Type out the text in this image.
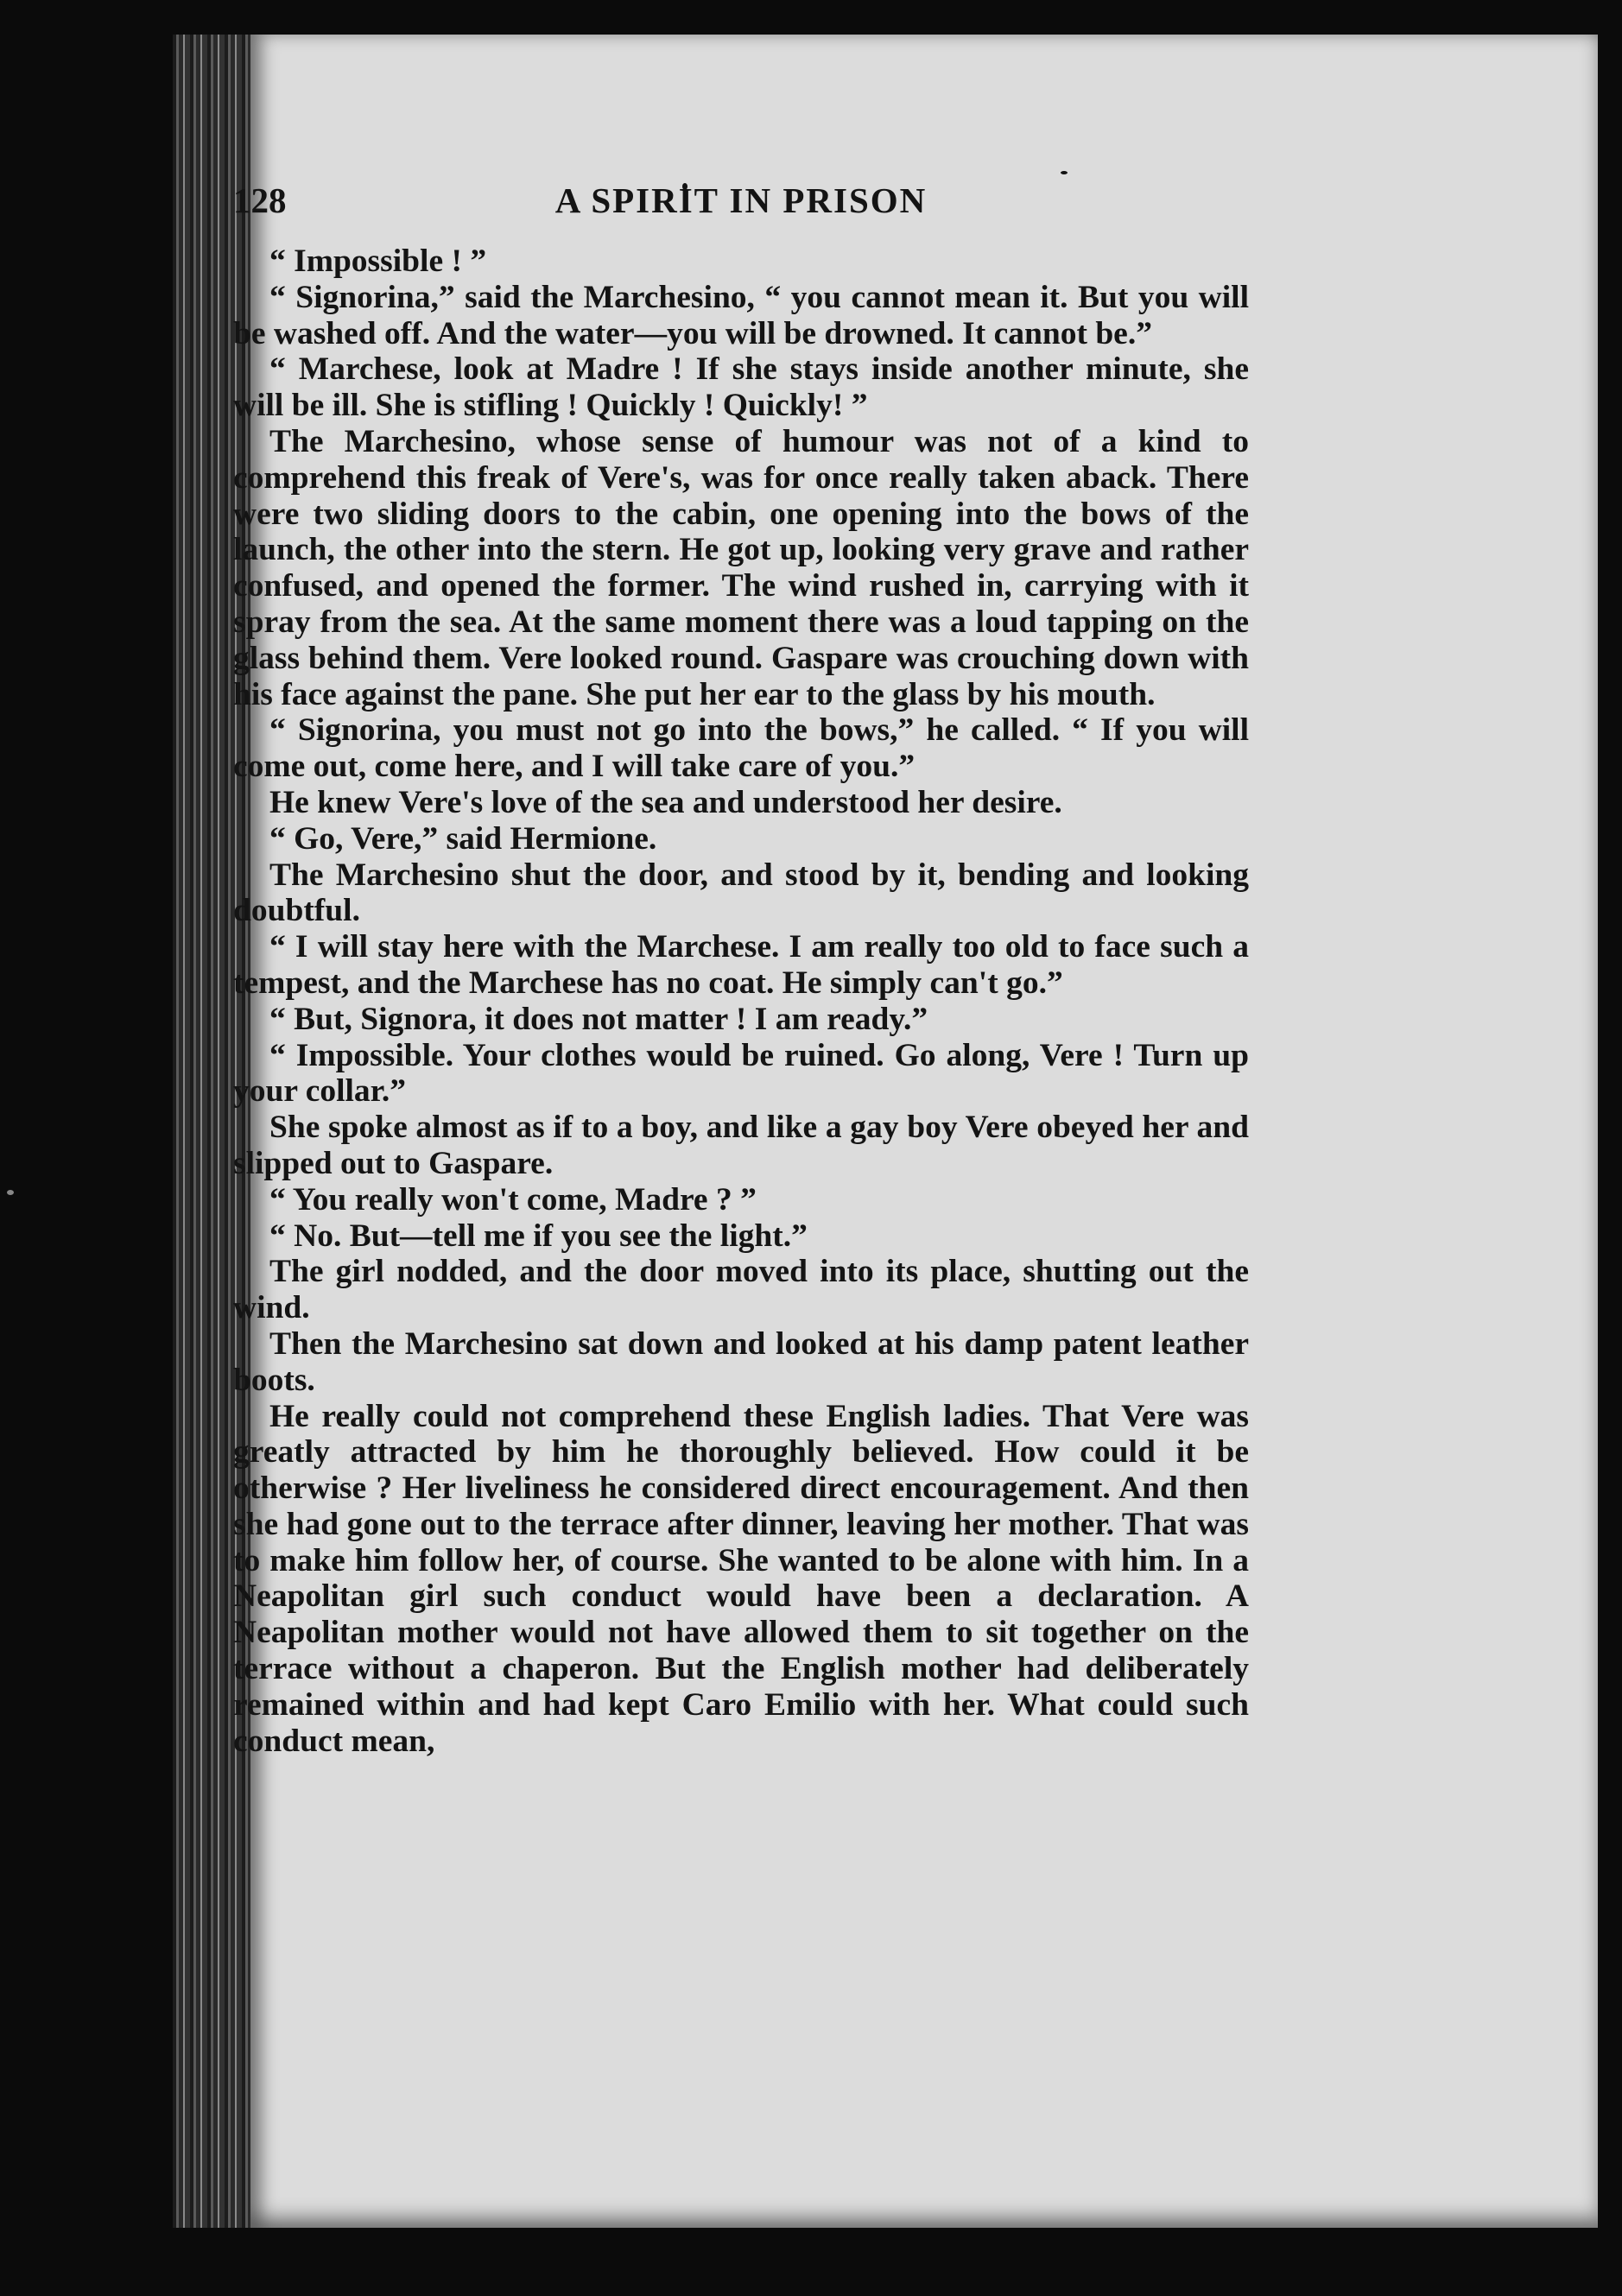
128	A SPIRIT IN PRISON

“ Impossible ! ”

“ Signorina,” said the Marchesino, “ you cannot mean it. But you will be washed off. And the water—you will be drowned. It cannot be.”

“ Marchese, look at Madre ! If she stays inside another minute, she will be ill. She is stifling ! Quickly ! Quickly! ”

The Marchesino, whose sense of humour was not of a kind to comprehend this freak of Vere's, was for once really taken aback. There were two sliding doors to the cabin, one opening into the bows of the launch, the other into the stern. He got up, looking very grave and rather confused, and opened the former. The wind rushed in, carrying with it spray from the sea. At the same moment there was a loud tapping on the glass behind them. Vere looked round. Gaspare was crouching down with his face against the pane. She put her ear to the glass by his mouth.

“ Signorina, you must not go into the bows,” he called. “ If you will come out, come here, and I will take care of you.”

He knew Vere's love of the sea and understood her desire.

“ Go, Vere,” said Hermione.

The Marchesino shut the door, and stood by it, bending and looking doubtful.

“ I will stay here with the Marchese. I am really too old to face such a tempest, and the Marchese has no coat. He simply can't go.”

“ But, Signora, it does not matter ! I am ready.”

“ Impossible. Your clothes would be ruined. Go along, Vere ! Turn up your collar.”

She spoke almost as if to a boy, and like a gay boy Vere obeyed her and slipped out to Gaspare.

“ You really won't come, Madre ? ”

“ No. But—tell me if you see the light.”

The girl nodded, and the door moved into its place, shutting out the wind.

Then the Marchesino sat down and looked at his damp patent leather boots.

He really could not comprehend these English ladies. That Vere was greatly attracted by him he thoroughly believed. How could it be otherwise ? Her liveliness he considered direct encouragement. And then she had gone out to the terrace after dinner, leaving her mother. That was to make him follow her, of course. She wanted to be alone with him. In a Neapolitan girl such conduct would have been a declaration. A Neapolitan mother would not have allowed them to sit together on the terrace without a chaperon. But the English mother had deliberately remained within and had kept Caro Emilio with her. What could such conduct mean,
